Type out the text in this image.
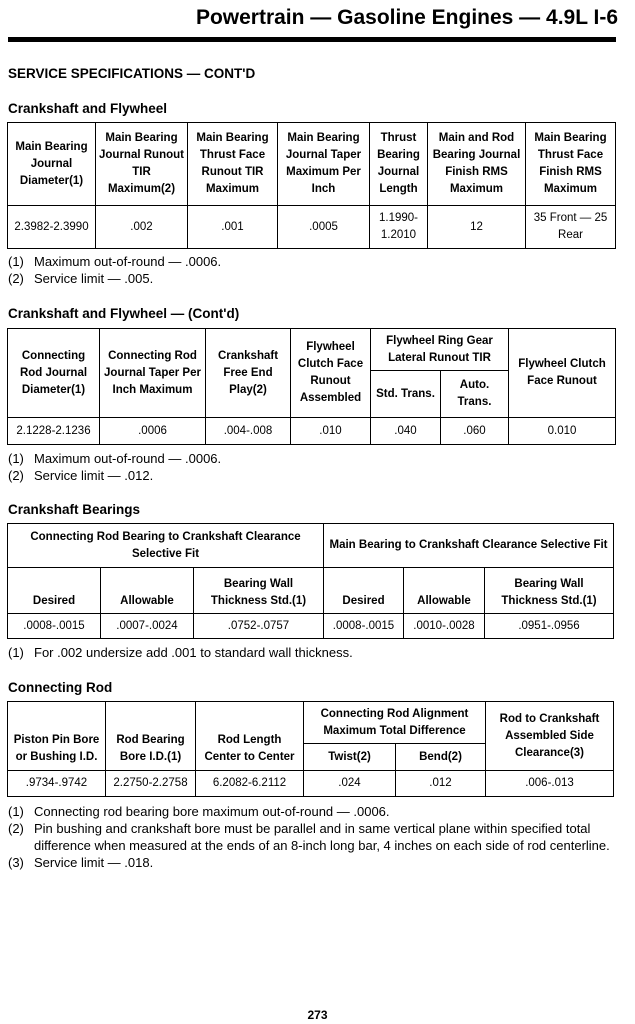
Powertrain — Gasoline Engines — 4.9L I-6
SERVICE SPECIFICATIONS — CONT'D
Crankshaft and Flywheel
Main Bearing Journal Diameter(1)	Main Bearing Journal Runout TIR Maximum(2)	Main Bearing Thrust Face Runout TIR Maximum	Main Bearing Journal Taper Maximum Per Inch	Thrust Bearing Journal Length	Main and Rod Bearing Journal Finish RMS Maximum	Main Bearing Thrust Face Finish RMS Maximum
2.3982-2.3990	.002	.001	.0005	1.1990-1.2010	12	35 Front — 25 Rear
(1) Maximum out-of-round — .0006.
(2) Service limit — .005.
Crankshaft and Flywheel — (Cont'd)
Connecting Rod Journal Diameter(1)	Connecting Rod Journal Taper Per Inch Maximum	Crankshaft Free End Play(2)	Flywheel Clutch Face Runout Assembled	Flywheel Ring Gear Lateral Runout TIR		Flywheel Clutch Face Runout
				Std. Trans.	Auto. Trans.	
2.1228-2.1236	.0006	.004-.008	.010	.040	.060	0.010
(1) Maximum out-of-round — .0006.
(2) Service limit — .012.
Crankshaft Bearings
Connecting Rod Bearing to Crankshaft Clearance Selective Fit			Main Bearing to Crankshaft Clearance Selective Fit		
Desired	Allowable	Bearing Wall Thickness Std.(1)	Desired	Allowable	Bearing Wall Thickness Std.(1)
.0008-.0015	.0007-.0024	.0752-.0757	.0008-.0015	.0010-.0028	.0951-.0956
(1) For .002 undersize add .001 to standard wall thickness.
Connecting Rod
Piston Pin Bore or Bushing I.D.	Rod Bearing Bore I.D.(1)	Rod Length Center to Center	Connecting Rod Alignment Maximum Total Difference		Rod to Crankshaft Assembled Side Clearance(3)
			Twist(2)	Bend(2)	
.9734-.9742	2.2750-2.2758	6.2082-6.2112	.024	.012	.006-.013
(1) Connecting rod bearing bore maximum out-of-round — .0006.
(2) Pin bushing and crankshaft bore must be parallel and in same vertical plane within specified total difference when measured at the ends of an 8-inch long bar, 4 inches on each side of rod centerline.
(3) Service limit — .018.
273
